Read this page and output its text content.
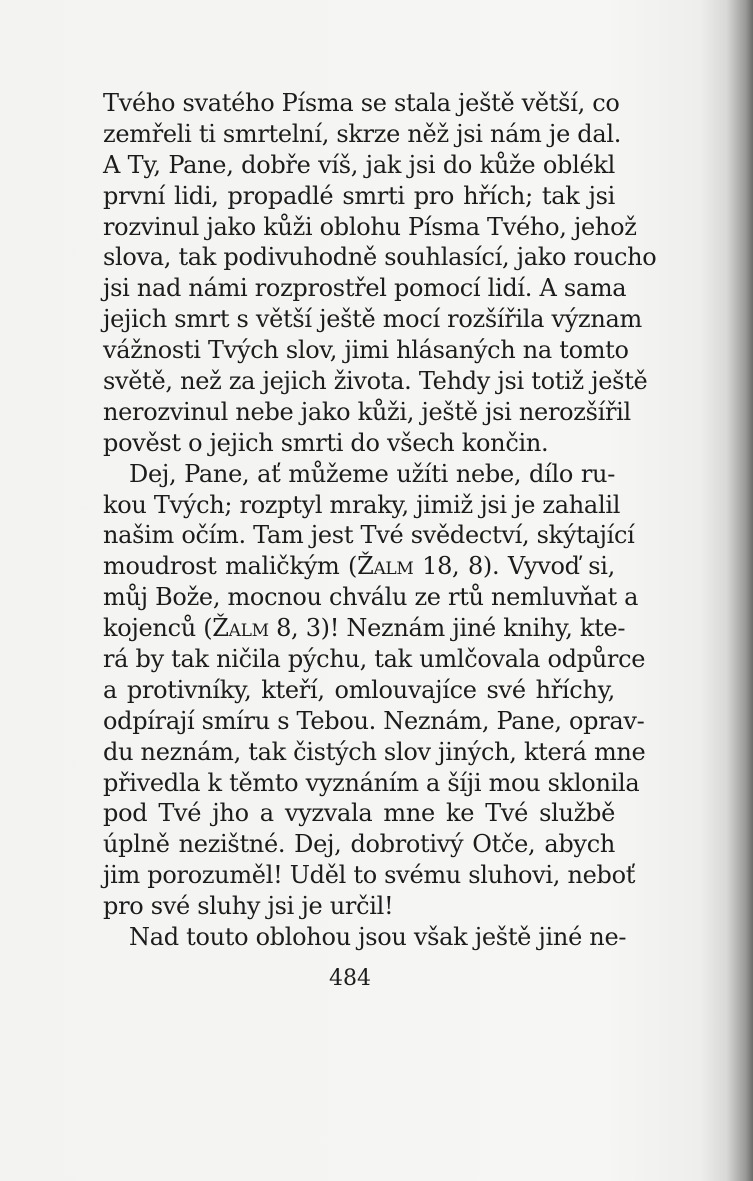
Tvého svatého Písma se stala ještě větší, co
zemřeli ti smrtelní, skrze něž jsi nám je dal.
A Ty, Pane, dobře víš, jak jsi do kůže oblékl
první lidi, propadlé smrti pro hřích; tak jsi
rozvinul jako kůži oblohu Písma Tvého, jehož
slova, tak podivuhodně souhlasící, jako roucho
jsi nad námi rozprostřel pomocí lidí. A sama
jejich smrt s větší ještě mocí rozšířila význam
vážnosti Tvých slov, jimi hlásaných na tomto
světě, než za jejich života. Tehdy jsi totiž ještě
nerozvinul nebe jako kůži, ještě jsi nerozšířil
pověst o jejich smrti do všech končin.
Dej, Pane, ať můžeme užíti nebe, dílo ru-
kou Tvých; rozptyl mraky, jimiž jsi je zahalil
našim očím. Tam jest Tvé svědectví, skýtající
moudrost maličkým (Žalm 18, 8). Vyvoď si,
můj Bože, mocnou chválu ze rtů nemluvňat a
kojenců (Žalm 8, 3)! Neznám jiné knihy, kte-
rá by tak ničila pýchu, tak umlčovala odpůrce
a protivníky, kteří, omlouvajíce své hříchy,
odpírají smíru s Tebou. Neznám, Pane, oprav-
du neznám, tak čistých slov jiných, která mne
přivedla k těmto vyznáním a šíji mou sklonila
pod Tvé jho a vyzvala mne ke Tvé službě
úplně nezištné. Dej, dobrotivý Otče, abych
jim porozuměl! Uděl to svému sluhovi, neboť
pro své sluhy jsi je určil!
Nad touto oblohou jsou však ještě jiné ne-
484
